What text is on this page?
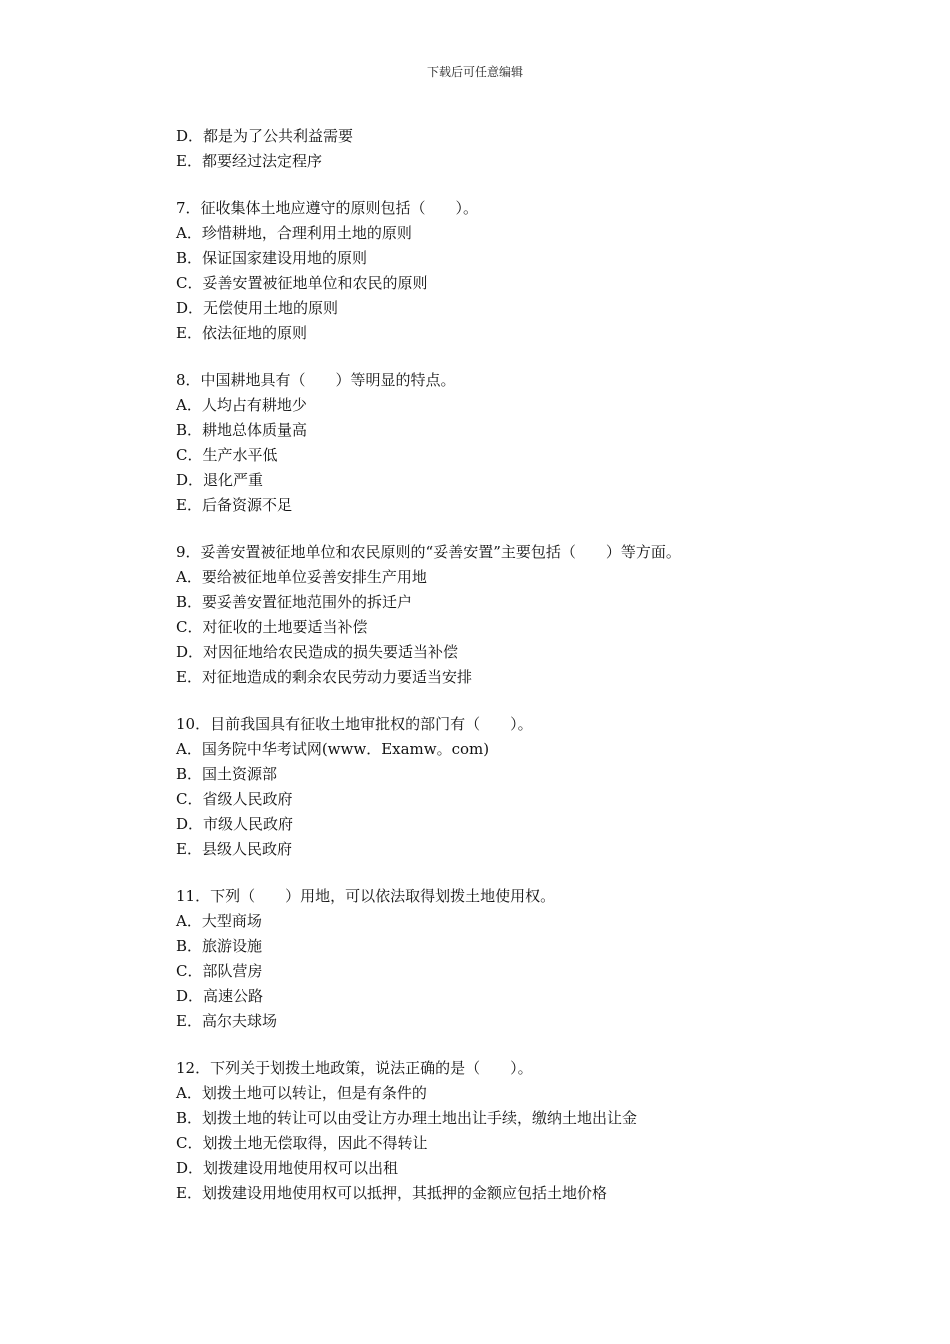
下载后可任意编辑
D．都是为了公共利益需要
E．都要经过法定程序
7．征收集体土地应遵守的原则包括（　　）。
A．珍惜耕地，合理利用土地的原则
B．保证国家建设用地的原则
C．妥善安置被征地单位和农民的原则
D．无偿使用土地的原则
E．依法征地的原则
8．中国耕地具有（　　）等明显的特点。
A．人均占有耕地少
B．耕地总体质量高
C．生产水平低
D．退化严重
E．后备资源不足
9．妥善安置被征地单位和农民原则的“妥善安置”主要包括（　　）等方面。
A．要给被征地单位妥善安排生产用地
B．要妥善安置征地范围外的拆迁户
C．对征收的土地要适当补偿
D．对因征地给农民造成的损失要适当补偿
E．对征地造成的剩余农民劳动力要适当安排
10．目前我国具有征收土地审批权的部门有（　　）。
A．国务院中华考试网(www．Examw。com)
B．国土资源部
C．省级人民政府
D．市级人民政府
E．县级人民政府
11．下列（　　）用地，可以依法取得划拨土地使用权。
A．大型商场
B．旅游设施
C．部队营房
D．高速公路
E．高尔夫球场
12．下列关于划拨土地政策，说法正确的是（　　）。
A．划拨土地可以转让，但是有条件的
B．划拨土地的转让可以由受让方办理土地出让手续，缴纳土地出让金
C．划拨土地无偿取得，因此不得转让
D．划拨建设用地使用权可以出租
E．划拨建设用地使用权可以抵押，其抵押的金额应包括土地价格
